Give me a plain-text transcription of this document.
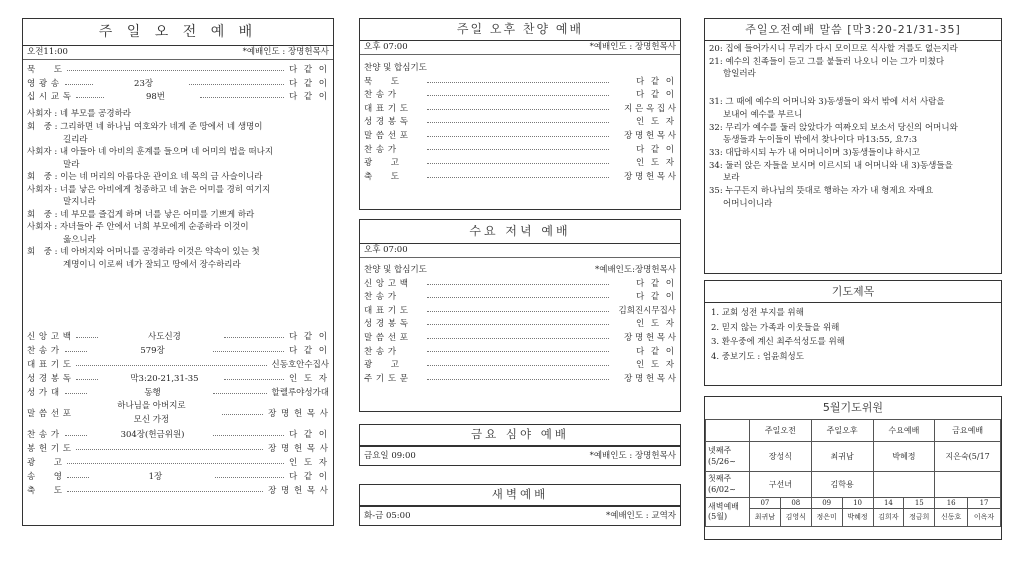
주 일 오 전 예 배
오전11:00	*예배인도 : 장명헌목사
묵　　도	다 같 이
영 광 송	23장	다 같 이
십 시 교 독	98번	다 같 이

사회자 : 네 부모를 공경하라

회　중 : 그리하면 네 하나님 여호와가 네게 준 땅에서 네 생명이

길리라

사회자 : 내 아들아 네 아비의 훈계를 들으며 네 어미의 법을 떠나지

말라

회　중 : 이는 네 머리의 아름다운 관이요 네 목의 금 사슬이니라

사회자 : 너를 낳은 아비에게 청종하고 네 늙은 어미를 경히 여기지

말지니라

회　중 : 네 부모를 즐겁게 하며 너를 낳은 어미를 기쁘게 하라

사회자 : 자녀들아 주 안에서 너희 부모에게 순종하라 이것이

옳으니라

회　중 : 네 아버지와 어머니를 공경하라 이것은 약속이 있는 첫

계명이니 이로써 네가 잘되고 땅에서 장수하리라

신 앙 고 백	사도신경	다 같 이
찬 송 가	579장	다 같 이
대 표 기 도	신동호안수집사
성 경 봉 독	막3:20-21,31-35	인 도 자
성 가 대	동행	할렐루야성가대
말 씀 선 포
하나님을 아버지로
모신 가정
장 명 헌 목 사
찬 송 가	304장(헌금위원)	다 같 이
봉 헌 기 도	장 명 헌 목 사
광　　고	인 도 자
송　　영	1장	다 같 이
축　　도	장 명 헌 목 사
주일 오후 찬양 예배
오후 07:00	*예배인도 : 장명헌목사
찬양 및 합심기도
묵　　도	다 같 이
찬 송 가	다 같 이
대 표 기 도	지 은 옥 집 사
성 경 봉 독	인 도 자
말 씀 선 포	장 명 헌 목 사
찬 송 가	다 같 이
광　　고	인 도 자
축　　도	장 명 헌 목 사
수요 저녁 예배
오후 07:00
찬양 및 합심기도	*예배인도:장명헌목사
신 앙 고 백	다 같 이
찬 송 가	다 같 이
대 표 기 도	김희진시무집사
성 경 봉 독	인 도 자
말 씀 선 포	장 명 헌 목 사
찬 송 가	다 같 이
광　　고	인 도 자
주 기 도 문	장 명 헌 목 사
금요 심야 예배
금요일 09:00	*예배인도 : 장명헌목사
새벽예배
화-금 05:00	*예배인도 : 교역자
주일오전예배 말씀 [막3:20-21/31-35]

20: 집에 들어가시니 무리가 다시 모이므로 식사할 겨를도 없는지라

21: 예수의 친족들이 듣고 그를 붙들러 나오니 이는 그가 미쳤다

함일러라

31: 그 때에 예수의 어머니와 3)동생들이 와서 밖에 서서 사람을

보내어 예수를 부르니

32: 무리가 예수를 둘러 앉았다가 여짜오되 보소서 당신의 어머니와

동생들과 누이들이 밖에서 찾나이다 마13:55, 요7:3

33: 대답하시되 누가 내 어머니이며 3)동생들이냐 하시고

34: 둘러 앉은 자들을 보시며 이르시되 내 어머니와 내 3)동생들을

보라

35: 누구든지 하나님의 뜻대로 행하는 자가 내 형제요 자매요

어머니이니라

기도제목

1. 교회 성전 부지를 위해

2. 믿지 않는 가족과 이웃들을 위해

3. 환우중에 계신 최주석성도를 위해

4. 중보기도 : 엄윤희성도

5월기도위원
	주일오전		주일오후		수요예배		금요예배	

넷째주
(5/26~	장성식		최귀남		박혜정		지은숙(5/17	

첫째주
(6/02~	구선녀		김학용					

새벽예배
(5월)	07	08	09	10	14	15	16	17
	최귀남	김영식	정은미	박혜정	김희자	정금희	신동호	이옥자
